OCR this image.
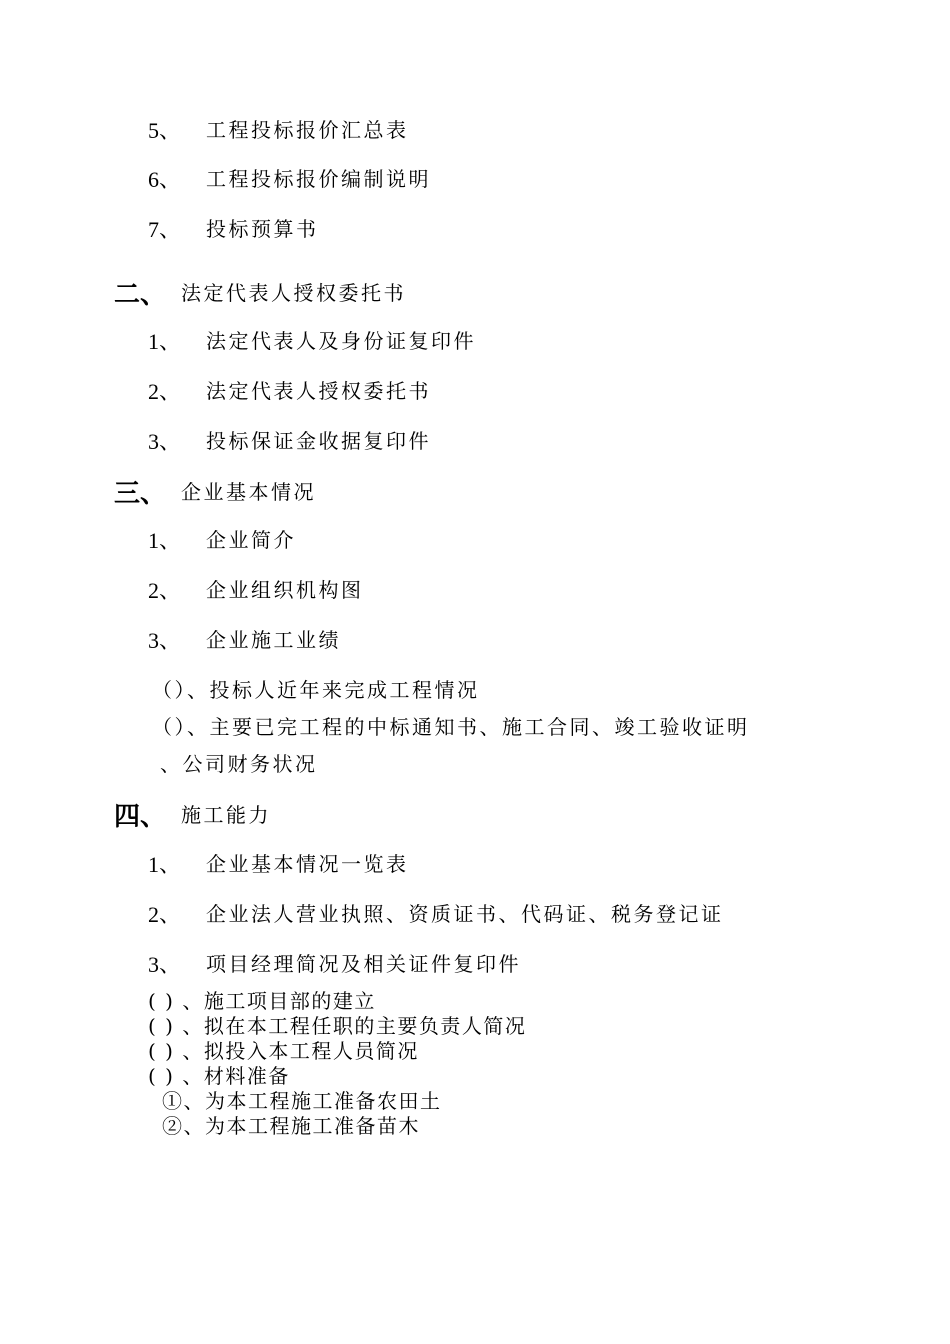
5、 工程投标报价汇总表
6、 工程投标报价编制说明
7、 投标预算书
二、 法定代表人授权委托书
1、 法定代表人及身份证复印件
2、 法定代表人授权委托书
3、 投标保证金收据复印件
三、 企业基本情况
1、 企业简介
2、 企业组织机构图
3、 企业施工业绩
（）、投标人近年来完成工程情况
（）、主要已完工程的中标通知书、施工合同、竣工验收证明
、公司财务状况
四、 施工能力
1、 企业基本情况一览表
2、 企业法人营业执照、资质证书、代码证、税务登记证
3、 项目经理简况及相关证件复印件
( ) 、施工项目部的建立
( ) 、拟在本工程任职的主要负责人简况
( ) 、拟投入本工程人员简况
( ) 、材料准备
①、为本工程施工准备农田土
②、为本工程施工准备苗木
